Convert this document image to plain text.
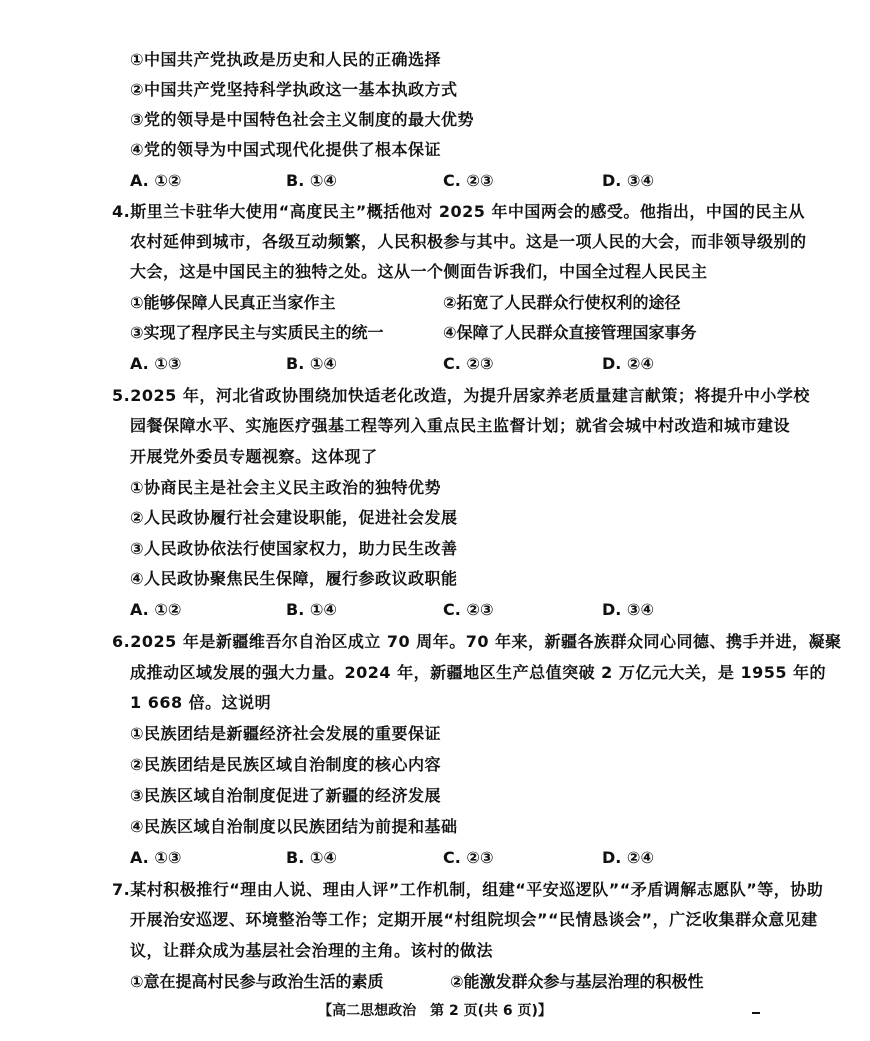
①中国共产党执政是历史和人民的正确选择
②中国共产党坚持科学执政这一基本执政方式
③党的领导是中国特色社会主义制度的最大优势
④党的领导为中国式现代化提供了根本保证
A. ①②	B. ①④	C. ②③	D. ③④
4.斯里兰卡驻华大使用“高度民主”概括他对 2025 年中国两会的感受。他指出，中国的民主从
农村延伸到城市，各级互动频繁，人民积极参与其中。这是一项人民的大会，而非领导级别的
大会，这是中国民主的独特之处。这从一个侧面告诉我们，中国全过程人民民主
①能够保障人民真正当家作主	②拓宽了人民群众行使权利的途径
③实现了程序民主与实质民主的统一	④保障了人民群众直接管理国家事务
A. ①③	B. ①④	C. ②③	D. ②④
5.2025 年，河北省政协围绕加快适老化改造，为提升居家养老质量建言献策；将提升中小学校
园餐保障水平、实施医疗强基工程等列入重点民主监督计划；就省会城中村改造和城市建设
开展党外委员专题视察。这体现了
①协商民主是社会主义民主政治的独特优势
②人民政协履行社会建设职能，促进社会发展
③人民政协依法行使国家权力，助力民生改善
④人民政协聚焦民生保障，履行参政议政职能
A. ①②	B. ①④	C. ②③	D. ③④
6.2025 年是新疆维吾尔自治区成立 70 周年。70 年来，新疆各族群众同心同德、携手并进，凝聚
成推动区域发展的强大力量。2024 年，新疆地区生产总值突破 2 万亿元大关，是 1955 年的
1 668 倍。这说明
①民族团结是新疆经济社会发展的重要保证
②民族团结是民族区域自治制度的核心内容
③民族区域自治制度促进了新疆的经济发展
④民族区域自治制度以民族团结为前提和基础
A. ①③	B. ①④	C. ②③	D. ②④
7.某村积极推行“理由人说、理由人评”工作机制，组建“平安巡逻队”“矛盾调解志愿队”等，协助
开展治安巡逻、环境整治等工作；定期开展“村组院坝会”“民情恳谈会”，广泛收集群众意见建
议，让群众成为基层社会治理的主角。该村的做法
①意在提高村民参与政治生活的素质	②能激发群众参与基层治理的积极性
【高二思想政治　第 2 页(共 6 页)】
